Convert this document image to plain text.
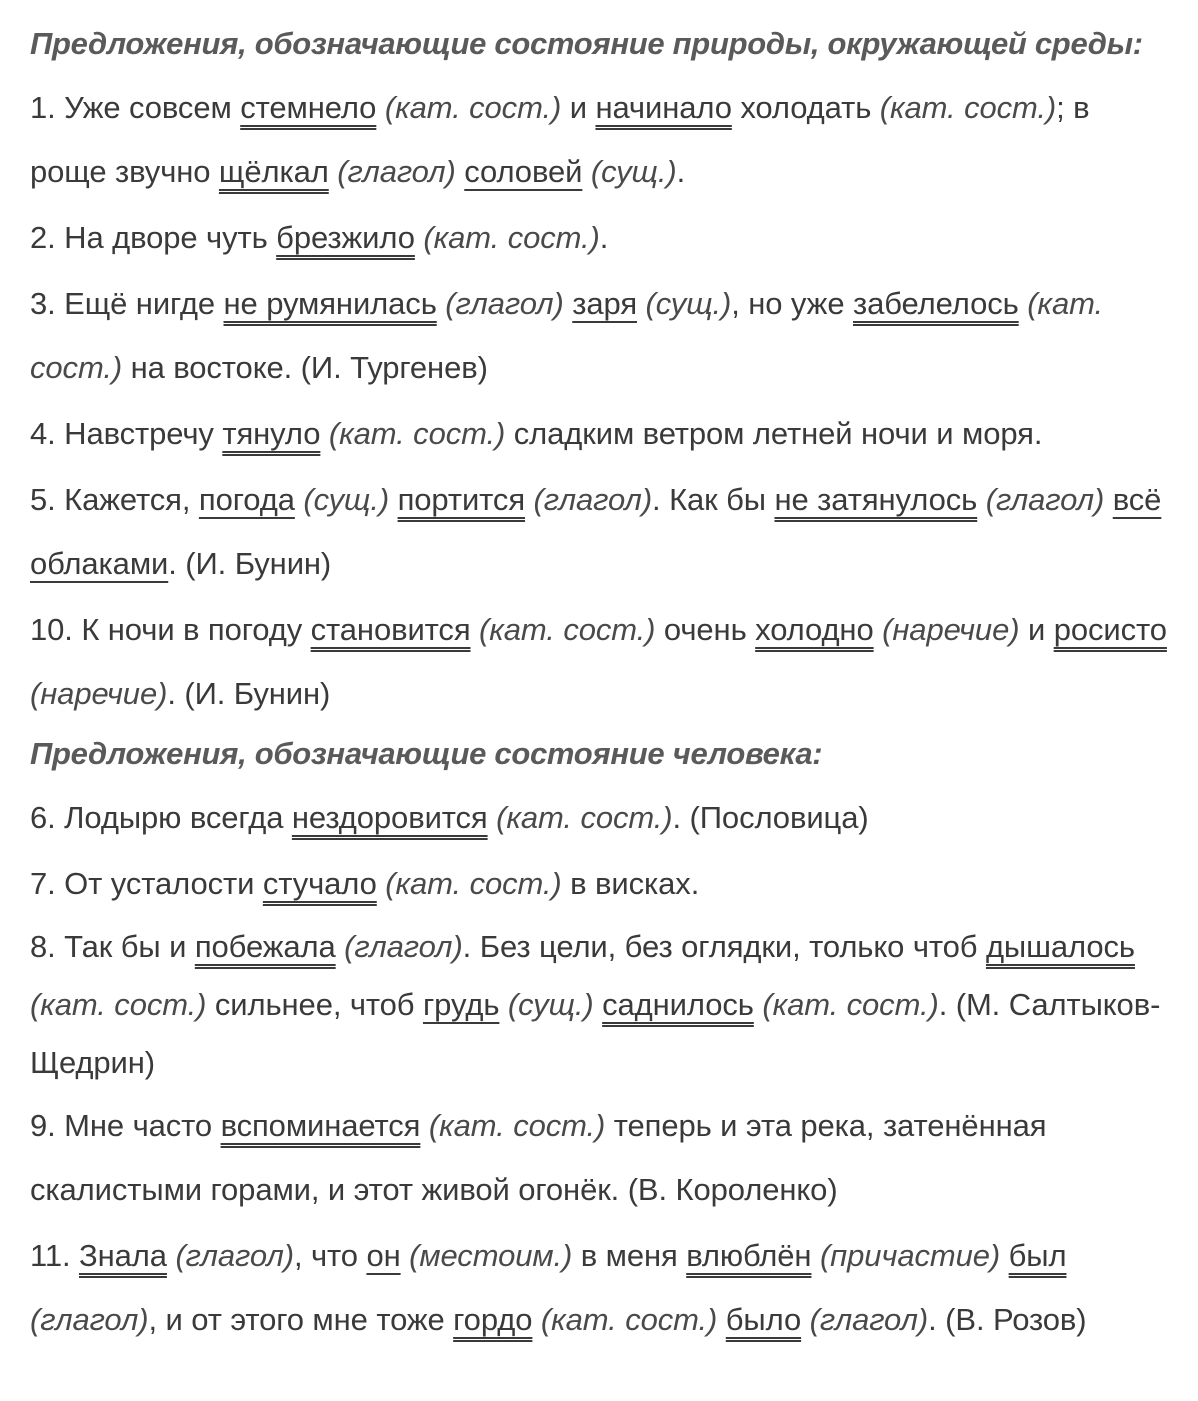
Предложения, обозначающие состояние природы, окружающей среды:
1. Уже совсем стемнело (кат. сост.) и начинало холодать (кат. сост.); в роще звучно щёлкал (глагол) соловей (сущ.).
2. На дворе чуть брезжило (кат. сост.).
3. Ещё нигде не румянилась (глагол) заря (сущ.), но уже забелелось (кат. сост.) на востоке. (И. Тургенев)
4. Навстречу тянуло (кат. сост.) сладким ветром летней ночи и моря.
5. Кажется, погода (сущ.) портится (глагол). Как бы не затянулось (глагол) всё облаками. (И. Бунин)
10. К ночи в погоду становится (кат. сост.) очень холодно (наречие) и росисто (наречие). (И. Бунин)
Предложения, обозначающие состояние человека:
6. Лодырю всегда нездоровится (кат. сост.). (Пословица)
7. От усталости стучало (кат. сост.) в висках.
8. Так бы и побежала (глагол). Без цели, без оглядки, только чтоб дышалось (кат. сост.) сильнее, чтоб грудь (сущ.) саднилось (кат. сост.). (М. Салтыков-Щедрин)
9. Мне часто вспоминается (кат. сост.) теперь и эта река, затенённая скалистыми горами, и этот живой огонёк. (В. Короленко)
11. Знала (глагол), что он (местоим.) в меня влюблён (причастие) был (глагол), и от этого мне тоже гордо (кат. сост.) было (глагол). (В. Розов)
